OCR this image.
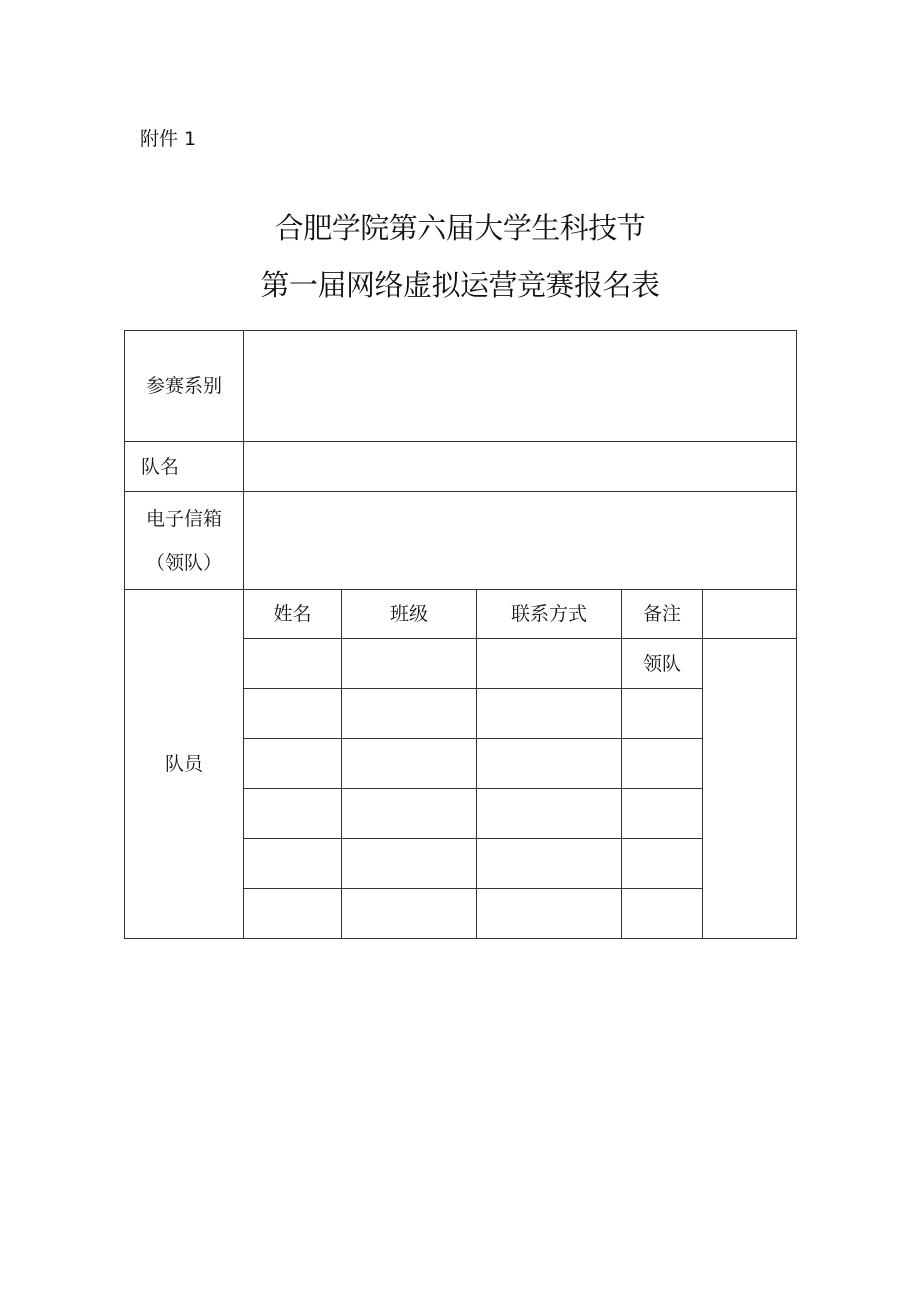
附件 1
合肥学院第六届大学生科技节
第一届网络虚拟运营竞赛报名表
参赛系别					
队名					

电子信箱
（领队）					

队员	姓名	班级	联系方式	备注	
				领队	
